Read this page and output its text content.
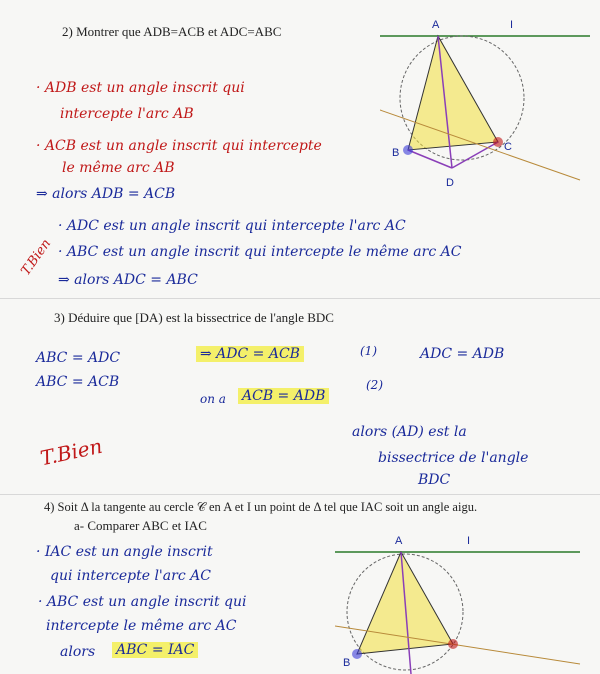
2) Montrer que ADB=ACB et ADC=ABC
· ADB est un angle inscrit qui
intercepte l'arc AB
· ACB est un angle inscrit qui intercepte
le même arc AB
⇒ alors ADB = ACB
· ADC est un angle inscrit qui intercepte l'arc AC
· ABC est un angle inscrit qui intercepte le même arc AC
⇒ alors ADC = ABC
T.Bien
A	I
C
D
B
3) Déduire que [DA) est la bissectrice de l'angle BDC
ABC = ADC
ABC = ACB
⇒ ADC = ACB	(1)
on a ACB = ADB
(2)
ADC = ADB
alors (AD) est la
bissectrice de l'angle
BDC
T.Bien
4) Soit Δ la tangente au cercle 𝒞 en A et I un point de Δ tel que IAC soit un angle aigu.
a- Comparer ABC et IAC
· IAC est un angle inscrit
qui intercepte l'arc AC
· ABC est un angle inscrit qui
intercepte le même arc AC
alors ABC = IAC
A	I
B
